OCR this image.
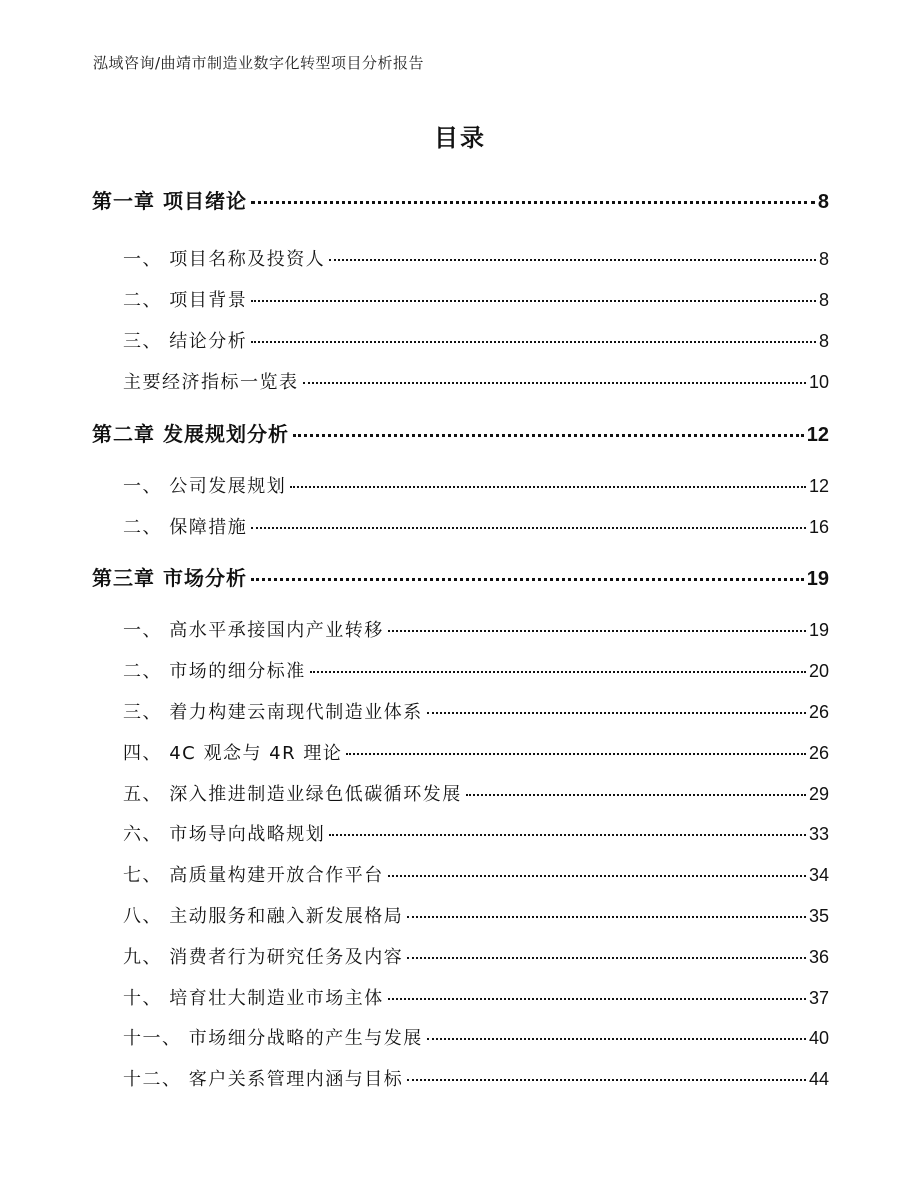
泓域咨询/曲靖市制造业数字化转型项目分析报告
目录
第一章 项目绪论	8
一、 项目名称及投资人	8
二、 项目背景	8
三、 结论分析	8
主要经济指标一览表	10
第二章 发展规划分析	12
一、 公司发展规划	12
二、 保障措施	16
第三章 市场分析	19
一、 高水平承接国内产业转移	19
二、 市场的细分标准	20
三、 着力构建云南现代制造业体系	26
四、 4C 观念与 4R 理论	26
五、 深入推进制造业绿色低碳循环发展	29
六、 市场导向战略规划	33
七、 高质量构建开放合作平台	34
八、 主动服务和融入新发展格局	35
九、 消费者行为研究任务及内容	36
十、 培育壮大制造业市场主体	37
十一、 市场细分战略的产生与发展	40
十二、 客户关系管理内涵与目标	44
